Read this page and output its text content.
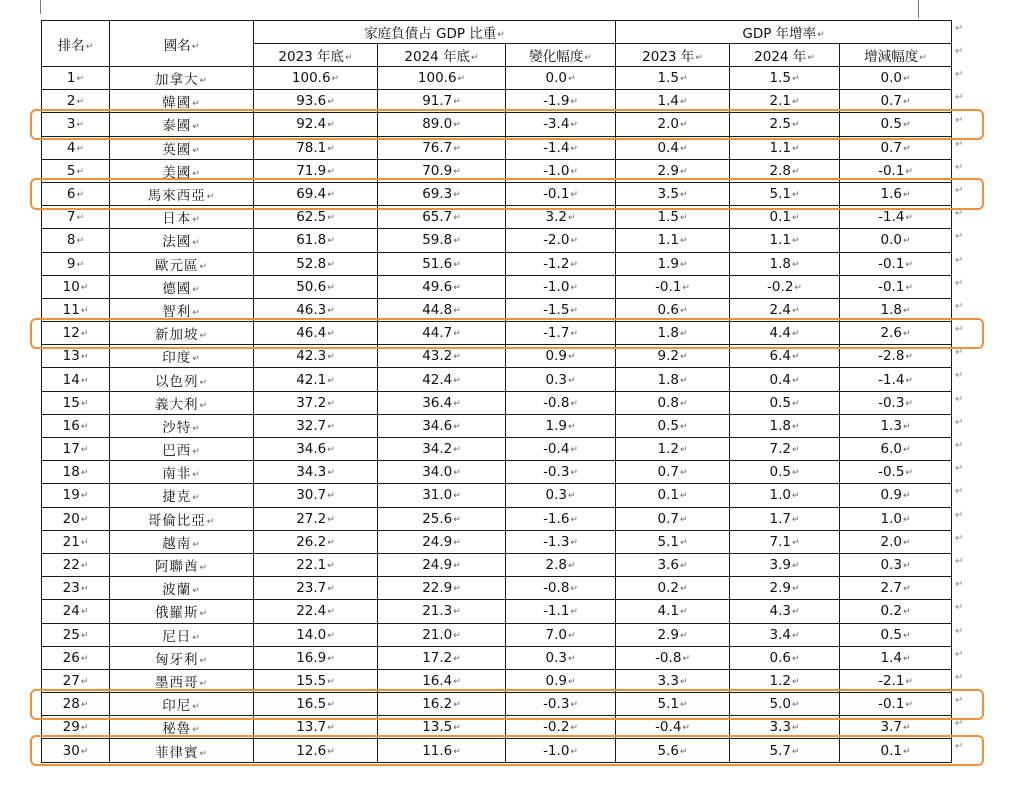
排名 ↵	國名 ↵	家庭負債占 GDP 比重 ↵			GDP 年增率 ↵
		2023 年底 ↵	2024 年底 ↵	變化幅度 ↵	2023 年 ↵	2024 年 ↵	增減幅度 ↵
1 ↵	加拿大 ↵	100.6 ↵	100.6 ↵	0.0 ↵	1.5 ↵	1.5 ↵	0.0 ↵
2 ↵	韓國 ↵	93.6 ↵	91.7 ↵	-1.9 ↵	1.4 ↵	2.1 ↵	0.7 ↵
3 ↵	泰國 ↵	92.4 ↵	89.0 ↵	-3.4 ↵	2.0 ↵	2.5 ↵	0.5 ↵
4 ↵	英國 ↵	78.1 ↵	76.7 ↵	-1.4 ↵	0.4 ↵	1.1 ↵	0.7 ↵
5 ↵	美國 ↵	71.9 ↵	70.9 ↵	-1.0 ↵	2.9 ↵	2.8 ↵	-0.1 ↵
6 ↵	馬來西亞 ↵	69.4 ↵	69.3 ↵	-0.1 ↵	3.5 ↵	5.1 ↵	1.6 ↵
7 ↵	日本 ↵	62.5 ↵	65.7 ↵	3.2 ↵	1.5 ↵	0.1 ↵	-1.4 ↵
8 ↵	法國 ↵	61.8 ↵	59.8 ↵	-2.0 ↵	1.1 ↵	1.1 ↵	0.0 ↵
9 ↵	歐元區 ↵	52.8 ↵	51.6 ↵	-1.2 ↵	1.9 ↵	1.8 ↵	-0.1 ↵
10 ↵	德國 ↵	50.6 ↵	49.6 ↵	-1.0 ↵	-0.1 ↵	-0.2 ↵	-0.1 ↵
11 ↵	智利 ↵	46.3 ↵	44.8 ↵	-1.5 ↵	0.6 ↵	2.4 ↵	1.8 ↵
12 ↵	新加坡 ↵	46.4 ↵	44.7 ↵	-1.7 ↵	1.8 ↵	4.4 ↵	2.6 ↵
13 ↵	印度 ↵	42.3 ↵	43.2 ↵	0.9 ↵	9.2 ↵	6.4 ↵	-2.8 ↵
14 ↵	以色列 ↵	42.1 ↵	42.4 ↵	0.3 ↵	1.8 ↵	0.4 ↵	-1.4 ↵
15 ↵	義大利 ↵	37.2 ↵	36.4 ↵	-0.8 ↵	0.8 ↵	0.5 ↵	-0.3 ↵
16 ↵	沙特 ↵	32.7 ↵	34.6 ↵	1.9 ↵	0.5 ↵	1.8 ↵	1.3 ↵
17 ↵	巴西 ↵	34.6 ↵	34.2 ↵	-0.4 ↵	1.2 ↵	7.2 ↵	6.0 ↵
18 ↵	南非 ↵	34.3 ↵	34.0 ↵	-0.3 ↵	0.7 ↵	0.5 ↵	-0.5 ↵
19 ↵	捷克 ↵	30.7 ↵	31.0 ↵	0.3 ↵	0.1 ↵	1.0 ↵	0.9 ↵
20 ↵	哥倫比亞 ↵	27.2 ↵	25.6 ↵	-1.6 ↵	0.7 ↵	1.7 ↵	1.0 ↵
21 ↵	越南 ↵	26.2 ↵	24.9 ↵	-1.3 ↵	5.1 ↵	7.1 ↵	2.0 ↵
22 ↵	阿聯酋 ↵	22.1 ↵	24.9 ↵	2.8 ↵	3.6 ↵	3.9 ↵	0.3 ↵
23 ↵	波蘭 ↵	23.7 ↵	22.9 ↵	-0.8 ↵	0.2 ↵	2.9 ↵	2.7 ↵
24 ↵	俄羅斯 ↵	22.4 ↵	21.3 ↵	-1.1 ↵	4.1 ↵	4.3 ↵	0.2 ↵
25 ↵	尼日 ↵	14.0 ↵	21.0 ↵	7.0 ↵	2.9 ↵	3.4 ↵	0.5 ↵
26 ↵	匈牙利 ↵	16.9 ↵	17.2 ↵	0.3 ↵	-0.8 ↵	0.6 ↵	1.4 ↵
27 ↵	墨西哥 ↵	15.5 ↵	16.4 ↵	0.9 ↵	3.3 ↵	1.2 ↵	-2.1 ↵
28 ↵	印尼 ↵	16.5 ↵	16.2 ↵	-0.3 ↵	5.1 ↵	5.0 ↵	-0.1 ↵
29 ↵	秘魯 ↵	13.7 ↵	13.5 ↵	-0.2 ↵	-0.4 ↵	3.3 ↵	3.7 ↵
30 ↵	菲律賓 ↵	12.6 ↵	11.6 ↵	-1.0 ↵	5.6 ↵	5.7 ↵	0.1 ↵
↵
↵
↵
↵
↵
↵
↵
↵
↵
↵
↵
↵
↵
↵
↵
↵
↵
↵
↵
↵
↵
↵
↵
↵
↵
↵
↵
↵
↵
↵
↵
↵
